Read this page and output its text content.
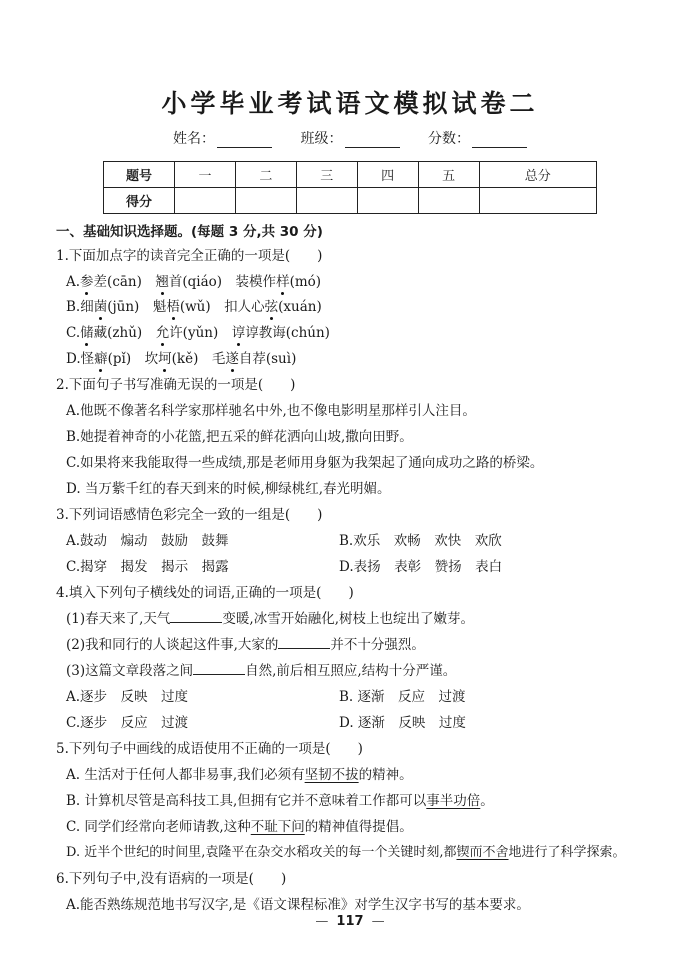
小学毕业考试语文模拟试卷二
姓名：	班级：	分数：
题号	一	二	三	四	五	总分
得分						
一、基础知识选择题。(每题 3 分,共 30 分)
1.下面加点字的读音完全正确的一项是(　　)
A.参差(cān)　翘首(qiáo)　装模作样(mó)
B.细菌(jūn)　魁梧(wǔ)　扣人心弦(xuán)
C.储藏(zhǔ)　允许(yǔn)　谆谆教诲(chún)
D.怪癖(pǐ)　坎坷(kě)　毛遂自荐(suì)
2.下面句子书写准确无误的一项是(　　)
A.他既不像著名科学家那样驰名中外,也不像电影明星那样引人注目。
B.她提着神奇的小花篮,把五采的鲜花洒向山坡,撒向田野。
C.如果将来我能取得一些成绩,那是老师用身躯为我架起了通向成功之路的桥梁。
D. 当万紫千红的春天到来的时候,柳绿桃红,春光明媚。
3.下列词语感情色彩完全一致的一组是(　　)
A.鼓动　煽动　鼓励　鼓舞	B.欢乐　欢畅　欢快　欢欣
C.揭穿　揭发　揭示　揭露	D.表扬　表彰　赞扬　表白
4.填入下列句子横线处的词语,正确的一项是(　　)
(1)春天来了,天气	变暖,冰雪开始融化,树枝上也绽出了嫩芽。
(2)我和同行的人谈起这件事,大家的	并不十分强烈。
(3)这篇文章段落之间	自然,前后相互照应,结构十分严谨。
A.逐步　反映　过度	B. 逐渐　反应　过渡
C.逐步　反应　过渡	D. 逐渐　反映　过度
5.下列句子中画线的成语使用不正确的一项是(　　)
A. 生活对于任何人都非易事,我们必须有坚韧不拔的精神。
B. 计算机尽管是高科技工具,但拥有它并不意味着工作都可以事半功倍。
C. 同学们经常向老师请教,这种不耻下问的精神值得提倡。
D. 近半个世纪的时间里,袁隆平在杂交水稻攻关的每一个关键时刻,都锲而不舍地进行了科学探索。
6.下列句子中,没有语病的一项是(　　)
A.能否熟练规范地书写汉字,是《语文课程标准》对学生汉字书写的基本要求。
— 117 —
